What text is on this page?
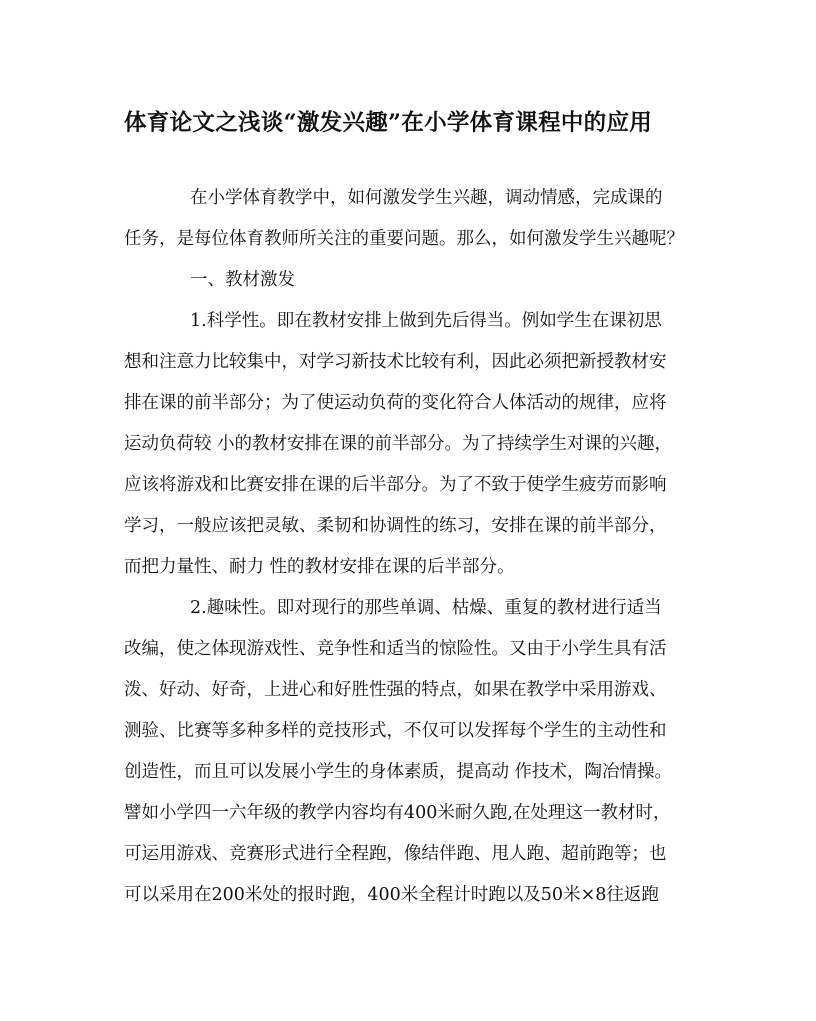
体育论文之浅谈“激发兴趣”在小学体育课程中的应用
在小学体育教学中，如何激发学生兴趣，调动情感，完成课的
任务，是每位体育教师所关注的重要问题。那么，如何激发学生兴趣呢？
一、教材激发
1.科学性。即在教材安排上做到先后得当。例如学生在课初思
想和注意力比较集中，对学习新技术比较有利，因此必须把新授教材安
排在课的前半部分；为了使运动负荷的变化符合人体活动的规律，应将
运动负荷较 小的教材安排在课的前半部分。为了持续学生对课的兴趣，
应该将游戏和比赛安排在课的后半部分。为了不致于使学生疲劳而影响
学习，一般应该把灵敏、柔韧和协调性的练习，安排在课的前半部分，
而把力量性、耐力 性的教材安排在课的后半部分。
2.趣味性。即对现行的那些单调、枯燥、重复的教材进行适当
改编，使之体现游戏性、竞争性和适当的惊险性。又由于小学生具有活
泼、好动、好奇，上进心和好胜性强的特点，如果在教学中采用游戏、
测验、比赛等多种多样的竞技形式，不仅可以发挥每个学生的主动性和
创造性，而且可以发展小学生的身体素质，提高动 作技术，陶冶情操。
譬如小学四一六年级的教学内容均有400米耐久跑,在处理这一教材时，
可运用游戏、竞赛形式进行全程跑，像结伴跑、甩人跑、超前跑等；也
可以采用在200米处的报时跑，400米全程计时跑以及50米×8往返跑
